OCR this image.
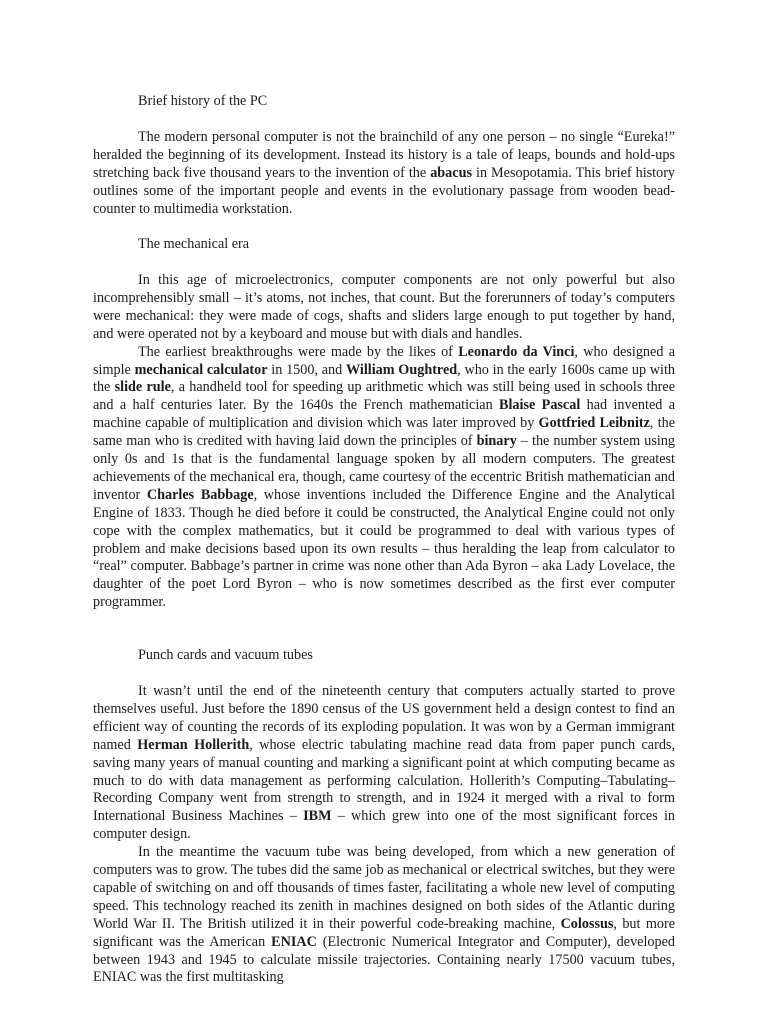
Brief history of the PC

The modern personal computer is not the brainchild of any one person – no single “Eureka!” heralded the beginning of its development. Instead its history is a tale of leaps, bounds and hold-ups stretching back five thousand years to the invention of the abacus in Mesopotamia. This brief history outlines some of the important people and events in the evolutionary passage from wooden bead-counter to multimedia workstation.

The mechanical era

In this age of microelectronics, computer components are not only powerful but also incomprehensibly small – it’s atoms, not inches, that count. But the forerunners of today’s computers were mechanical: they were made of cogs, shafts and sliders large enough to put together by hand, and were operated not by a keyboard and mouse but with dials and handles.

The earliest breakthroughs were made by the likes of Leonardo da Vinci, who designed a simple mechanical calculator in 1500, and William Oughtred, who in the early 1600s came up with the slide rule, a handheld tool for speeding up arithmetic which was still being used in schools three and a half centuries later. By the 1640s the French mathematician Blaise Pascal had invented a machine capable of multiplication and division which was later improved by Gottfried Leibnitz, the same man who is credited with having laid down the principles of binary – the number system using only 0s and 1s that is the fundamental language spoken by all modern computers. The greatest achievements of the mechanical era, though, came courtesy of the eccentric British mathematician and inventor Charles Babbage, whose inventions included the Difference Engine and the Analytical Engine of 1833. Though he died before it could be constructed, the Analytical Engine could not only cope with the complex mathematics, but it could be programmed to deal with various types of problem and make decisions based upon its own results – thus heralding the leap from calculator to “real” computer. Babbage’s partner in crime was none other than Ada Byron – aka Lady Lovelace, the daughter of the poet Lord Byron – who is now sometimes described as the first ever computer programmer.

Punch cards and vacuum tubes

It wasn’t until the end of the nineteenth century that computers actually started to prove themselves useful. Just before the 1890 census of the US government held a design contest to find an efficient way of counting the records of its exploding population. It was won by a German immigrant named Herman Hollerith, whose electric tabulating machine read data from paper punch cards, saving many years of manual counting and marking a significant point at which computing became as much to do with data management as performing calculation. Hollerith’s Computing–Tabulating–Recording Company went from strength to strength, and in 1924 it merged with a rival to form International Business Machines – IBM – which grew into one of the most significant forces in computer design.

In the meantime the vacuum tube was being developed, from which a new generation of computers was to grow. The tubes did the same job as mechanical or electrical switches, but they were capable of switching on and off thousands of times faster, facilitating a whole new level of computing speed. This technology reached its zenith in machines designed on both sides of the Atlantic during World War II. The British utilized it in their powerful code-breaking machine, Colossus, but more significant was the American ENIAC (Electronic Numerical Integrator and Computer), developed between 1943 and 1945 to calculate missile trajectories. Containing nearly 17500 vacuum tubes, ENIAC was the first multitasking
